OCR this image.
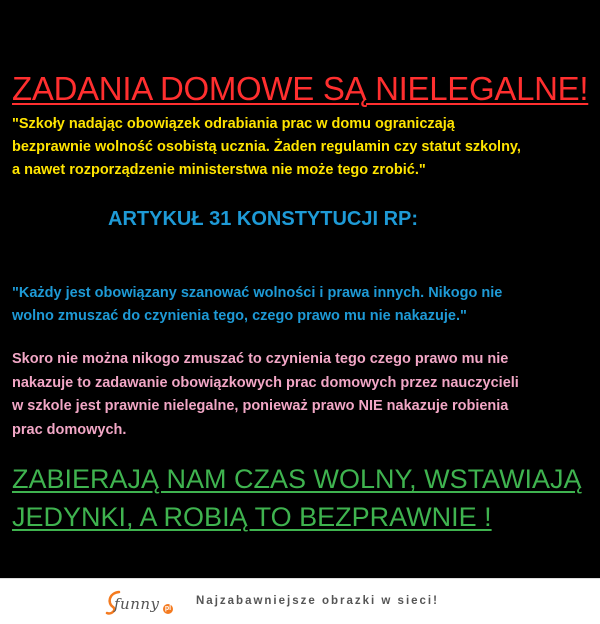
ZADANIA DOMOWE SĄ NIELEGALNE!
"Szkoły nadając obowiązek odrabiania prac w domu ograniczają
bezprawnie wolność osobistą ucznia. Żaden regulamin czy statut szkolny,
a nawet rozporządzenie ministerstwa nie może tego zrobić."
ARTYKUŁ 31 KONSTYTUCJI RP:
"Każdy jest obowiązany szanować wolności i prawa innych. Nikogo nie
wolno zmuszać do czynienia tego, czego prawo mu nie nakazuje."
Skoro nie można nikogo zmuszać to czynienia tego czego prawo mu nie
nakazuje to zadawanie obowiązkowych prac domowych przez nauczycieli
w szkole jest prawnie nielegalne, ponieważ prawo NIE nakazuje robienia
prac domowych.
ZABIERAJĄ NAM CZAS WOLNY, WSTAWIAJĄ
JEDYNKI, A ROBIĄ TO BEZPRAWNIE !
funny pl
Najzabawniejsze obrazki w sieci!
